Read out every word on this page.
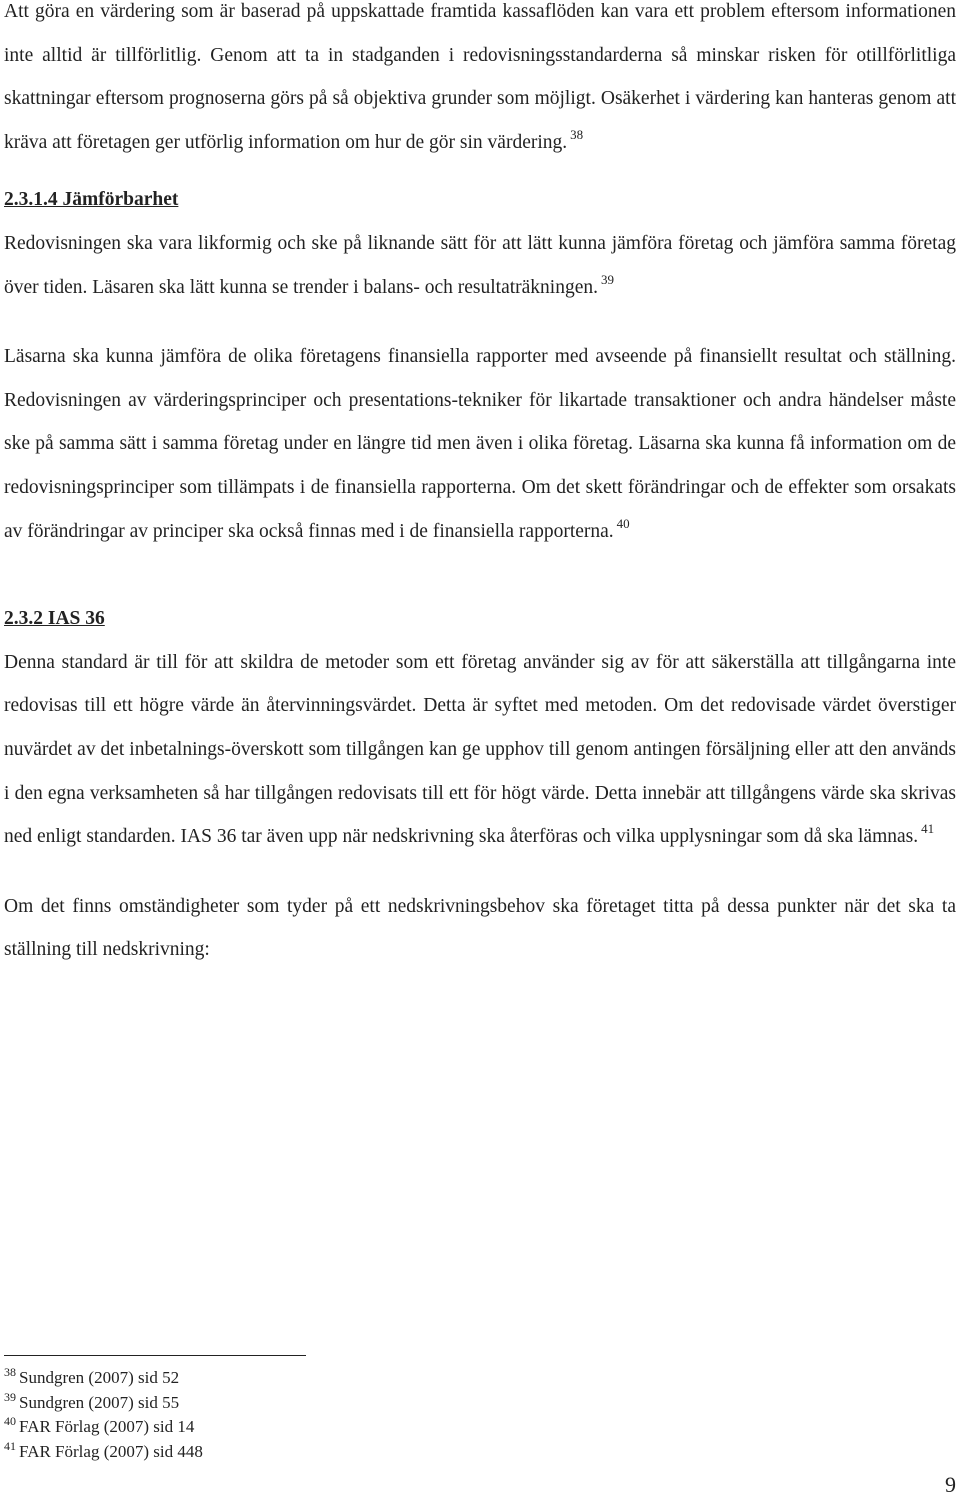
Att göra en värdering som är baserad på uppskattade framtida kassaflöden kan vara ett problem eftersom informationen inte alltid är tillförlitlig. Genom att ta in stadganden i redovisningsstandarderna så minskar risken för otillförlitliga skattningar eftersom prognoserna görs på så objektiva grunder som möjligt. Osäkerhet i värdering kan hanteras genom att kräva att företagen ger utförlig information om hur de gör sin värdering. $^{38}$

2.3.1.4 Jämförbarhet

Redovisningen ska vara likformig och ske på liknande sätt för att lätt kunna jämföra företag och jämföra samma företag över tiden. Läsaren ska lätt kunna se trender i balans- och resultaträkningen. $^{39}$

Läsarna ska kunna jämföra de olika företagens finansiella rapporter med avseende på finansiellt resultat och ställning. Redovisningen av värderingsprinciper och presentations-tekniker för likartade transaktioner och andra händelser måste ske på samma sätt i samma företag under en längre tid men även i olika företag. Läsarna ska kunna få information om de redovisningsprinciper som tillämpats i de finansiella rapporterna. Om det skett förändringar och de effekter som orsakats av förändringar av principer ska också finnas med i de finansiella rapporterna. $^{40}$

2.3.2 IAS 36

Denna standard är till för att skildra de metoder som ett företag använder sig av för att säkerställa att tillgångarna inte redovisas till ett högre värde än återvinningsvärdet. Detta är syftet med metoden. Om det redovisade värdet överstiger nuvärdet av det inbetalnings-överskott som tillgången kan ge upphov till genom antingen försäljning eller att den används i den egna verksamheten så har tillgången redovisats till ett för högt värde. Detta innebär att tillgångens värde ska skrivas ned enligt standarden. IAS 36 tar även upp när nedskrivning ska återföras och vilka upplysningar som då ska lämnas. $^{41}$

Om det finns omständigheter som tyder på ett nedskrivningsbehov ska företaget titta på dessa punkter när det ska ta ställning till nedskrivning:

$^{38}$ Sundgren (2007) sid 52
$^{39}$ Sundgren (2007) sid 55
$^{40}$ FAR Förlag (2007) sid 14
$^{41}$ FAR Förlag (2007) sid 448
9
